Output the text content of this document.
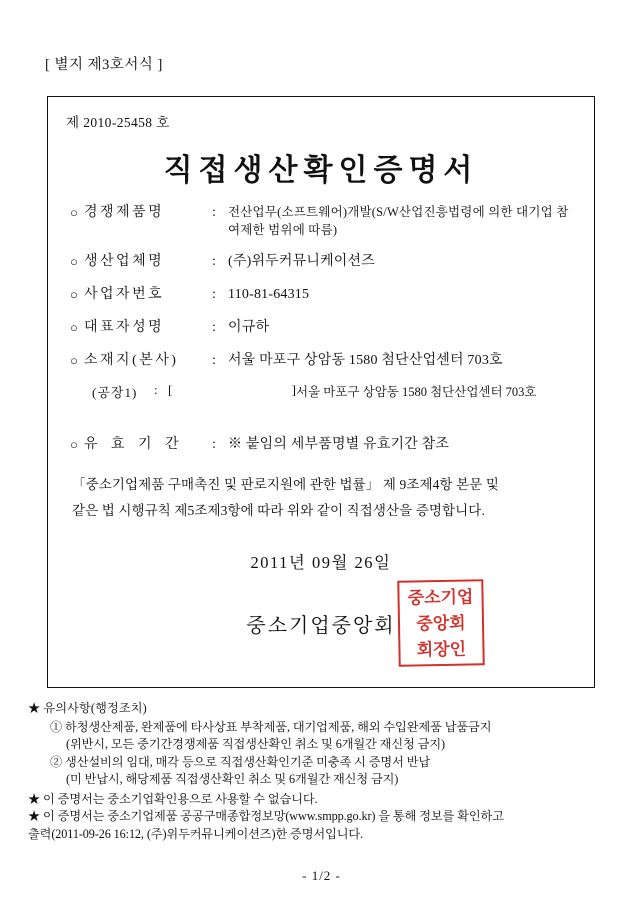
[ 별지 제3호서식 ]
제 2010-25458 호
직접생산확인증명서
○ 경쟁제품명	: 전산업무(소프트웨어)개발(S/W산업진흥법령에 의한 대기업 참여제한 범위에 따름)
○ 생산업체명	: (주)위두커뮤니케이션즈
○ 사업자번호	: 110-81-64315
○ 대표자성명	: 이규하
○ 소재지(본사)	: 서울 마포구 상암동 1580 첨단산업센터 703호
(공장1)	: [	] 서울 마포구 상암동 1580 첨단산업센터 703호
○ 유 효 기 간	: ※ 붙임의 세부품명별 유효기간 참조
「중소기업제품 구매촉진 및 판로지원에 관한 법률」 제 9조제4항 본문 및
같은 법 시행규칙 제5조제3항에 따라 위와 같이 직접생산을 증명합니다.
2011년 09월 26일
중소기업중앙회
중소기업
중앙회
회장인
★ 유의사항(행정조치)
① 하청생산제품, 완제품에 타사상표 부착제품, 대기업제품, 해외 수입완제품 납품금지
(위반시, 모든 중기간경쟁제품 직접생산확인 취소 및 6개월간 재신청 금지)
② 생산설비의 임대, 매각 등으로 직접생산확인기준 미충족 시 증명서 반납
(미 반납시, 해당제품 직접생산확인 취소 및 6개월간 재신청 금지)
★ 이 증명서는 중소기업확인용으로 사용할 수 없습니다.
★ 이 증명서는 중소기업제품 공공구매종합정보망(www.smpp.go.kr) 을 통해 정보를 확인하고
출력(2011-09-26 16:12, (주)위두커뮤니케이션즈)한 증명서입니다.
- 1/2 -
